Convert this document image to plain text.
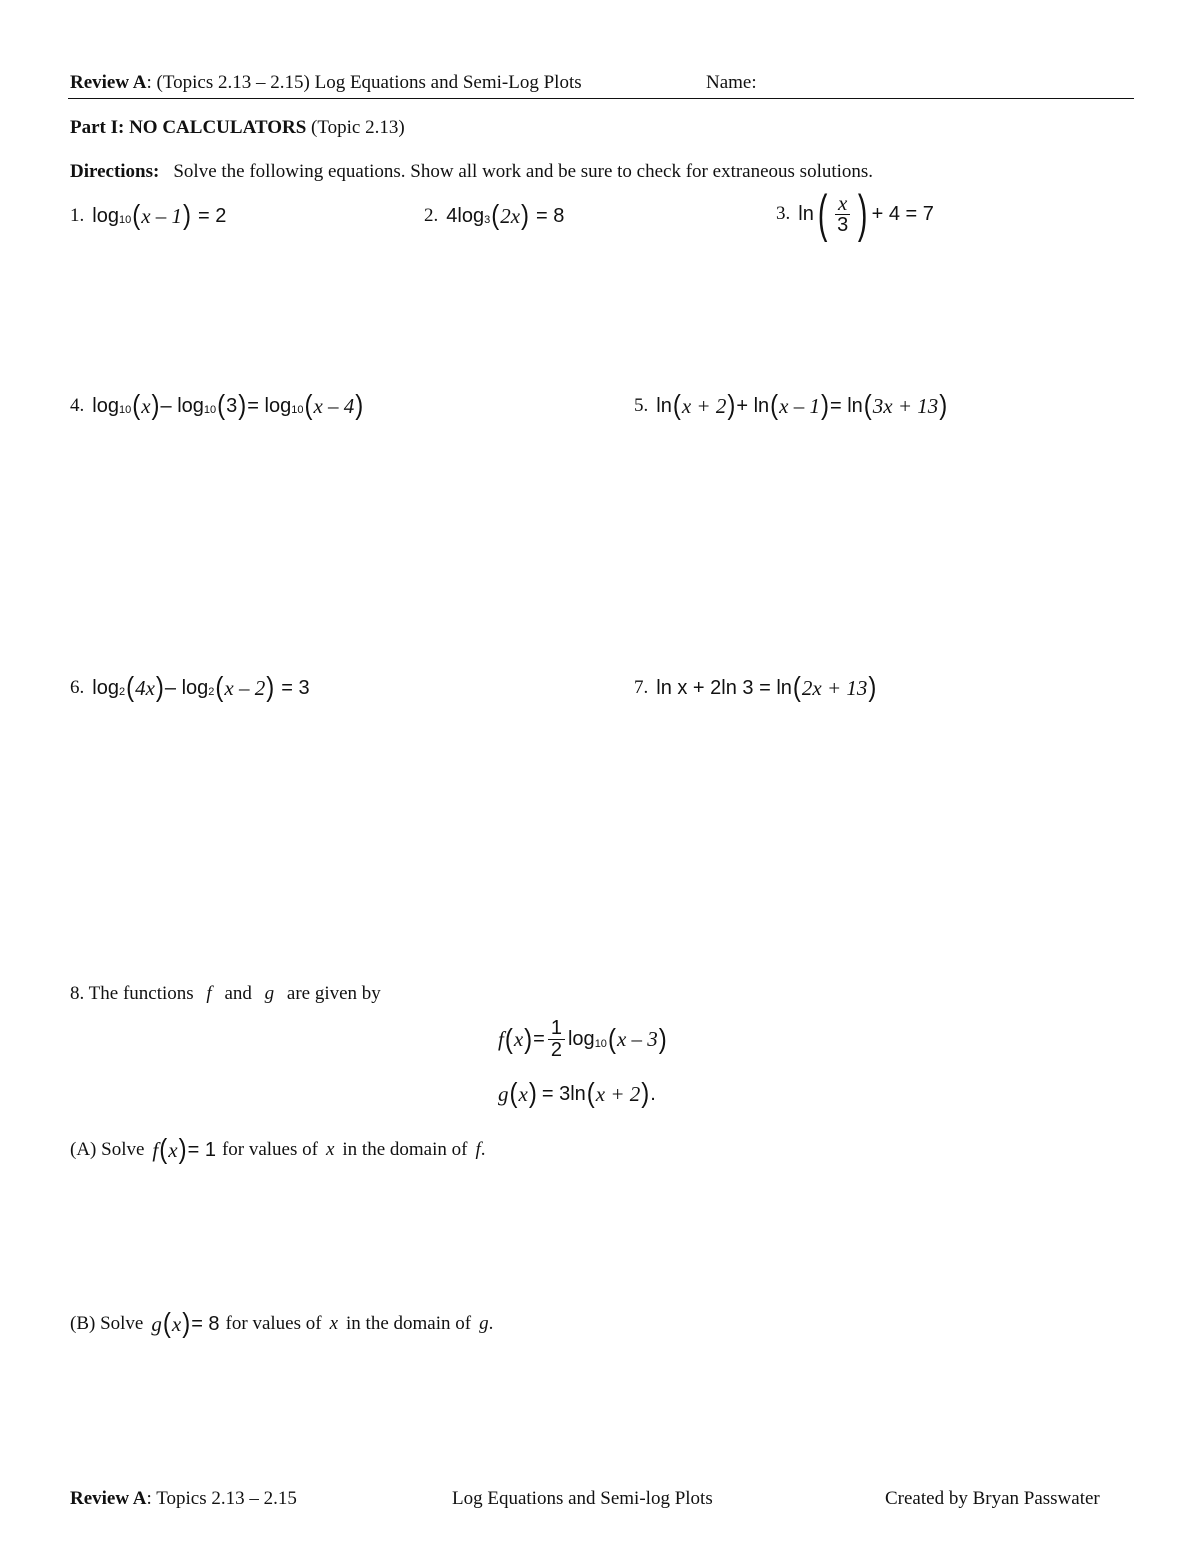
Review A: (Topics 2.13 – 2.15) Log Equations and Semi-Log Plots	Name:
Part I: NO CALCULATORS (Topic 2.13)
Directions: Solve the following equations. Show all work and be sure to check for extraneous solutions.
1. $\log_{10}$ ( x – 1 ) = 2	2. $4\log_3$ ( 2x ) = 8	3. ln ( $\frac{x}{3}$ ) + 4 = 7
4. $\log_{10}$ ( x ) – $\log_{10}$ ( 3 ) = $\log_{10}$ ( x – 4 )	5. ln ( x + 2 ) + ln ( x – 1 ) = ln ( 3x + 13 )
6. $\log_2$ ( 4x ) – $\log_2$ ( x – 2 ) = 3	7. ln x + 2ln 3 = ln ( 2x + 13 )
8. The functions f and g are given by
f ( x ) = $\frac{1}{2} \log_{10}$ ( x – 3 )
g ( x ) = 3ln ( x + 2 ) .
(A) Solve f ( x ) = 1 for values of x in the domain of f .
(B) Solve g ( x ) = 8 for values of x in the domain of g .
Review A: Topics 2.13 – 2.15	Log Equations and Semi-log Plots	Created by Bryan Passwater
